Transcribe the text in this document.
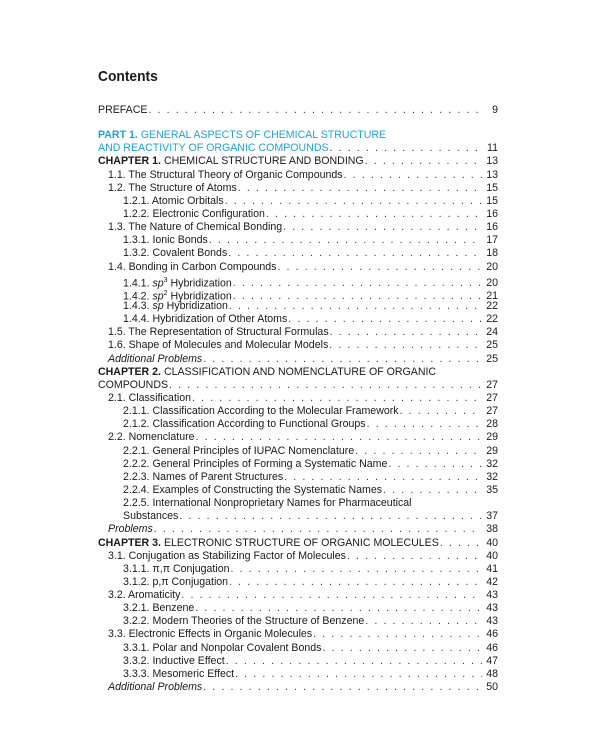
Contents
PREFACE . . .	9
PART 1. GENERAL ASPECTS OF CHEMICAL STRUCTURE
AND REACTIVITY OF ORGANIC COMPOUNDS . . .	11
CHAPTER 1. CHEMICAL STRUCTURE AND BONDING . . .	13
1.1. The Structural Theory of Organic Compounds . . .	13
1.2. The Structure of Atoms . . .	15
1.2.1. Atomic Orbitals . . .	15
1.2.2. Electronic Configuration . . .	16
1.3. The Nature of Chemical Bonding . . .	16
1.3.1. Ionic Bonds . . .	17
1.3.2. Covalent Bonds . . .	18
1.4. Bonding in Carbon Compounds . . .	20
1.4.1. $sp^3$ Hybridization . . .	20
1.4.2. $sp^2$ Hybridization . . .	21
1.4.3. sp Hybridization . . .	22
1.4.4. Hybridization of Other Atoms . . .	22
1.5. The Representation of Structural Formulas . . .	24
1.6. Shape of Molecules and Molecular Models . . .	25
Additional Problems . . .	25
CHAPTER 2. CLASSIFICATION AND NOMENCLATURE OF ORGANIC
COMPOUNDS . . .	27
2.1. Classification . . .	27
2.1.1. Classification According to the Molecular Framework . . .	27
2.1.2. Classification According to Functional Groups . . .	28
2.2. Nomenclature . . .	29
2.2.1. General Principles of IUPAC Nomenclature . . .	29
2.2.2. General Principles of Forming a Systematic Name . . .	32
2.2.3. Names of Parent Structures . . .	32
2.2.4. Examples of Constructing the Systematic Names . . .	35
2.2.5. International Nonproprietary Names for Pharmaceutical
Substances . . .	37
Problems . . .	38
CHAPTER 3. ELECTRONIC STRUCTURE OF ORGANIC MOLECULES . . .	40
3.1. Conjugation as Stabilizing Factor of Molecules . . .	40
3.1.1. π,π Conjugation . . .	41
3.1.2. p,π Conjugation . . .	42
3.2. Aromaticity . . .	43
3.2.1. Benzene . . .	43
3.2.2. Modern Theories of the Structure of Benzene . . .	43
3.3. Electronic Effects in Organic Molecules . . .	46
3.3.1. Polar and Nonpolar Covalent Bonds . . .	46
3.3.2. Inductive Effect . . .	47
3.3.3. Mesomeric Effect . . .	48
Additional Problems . . .	50
